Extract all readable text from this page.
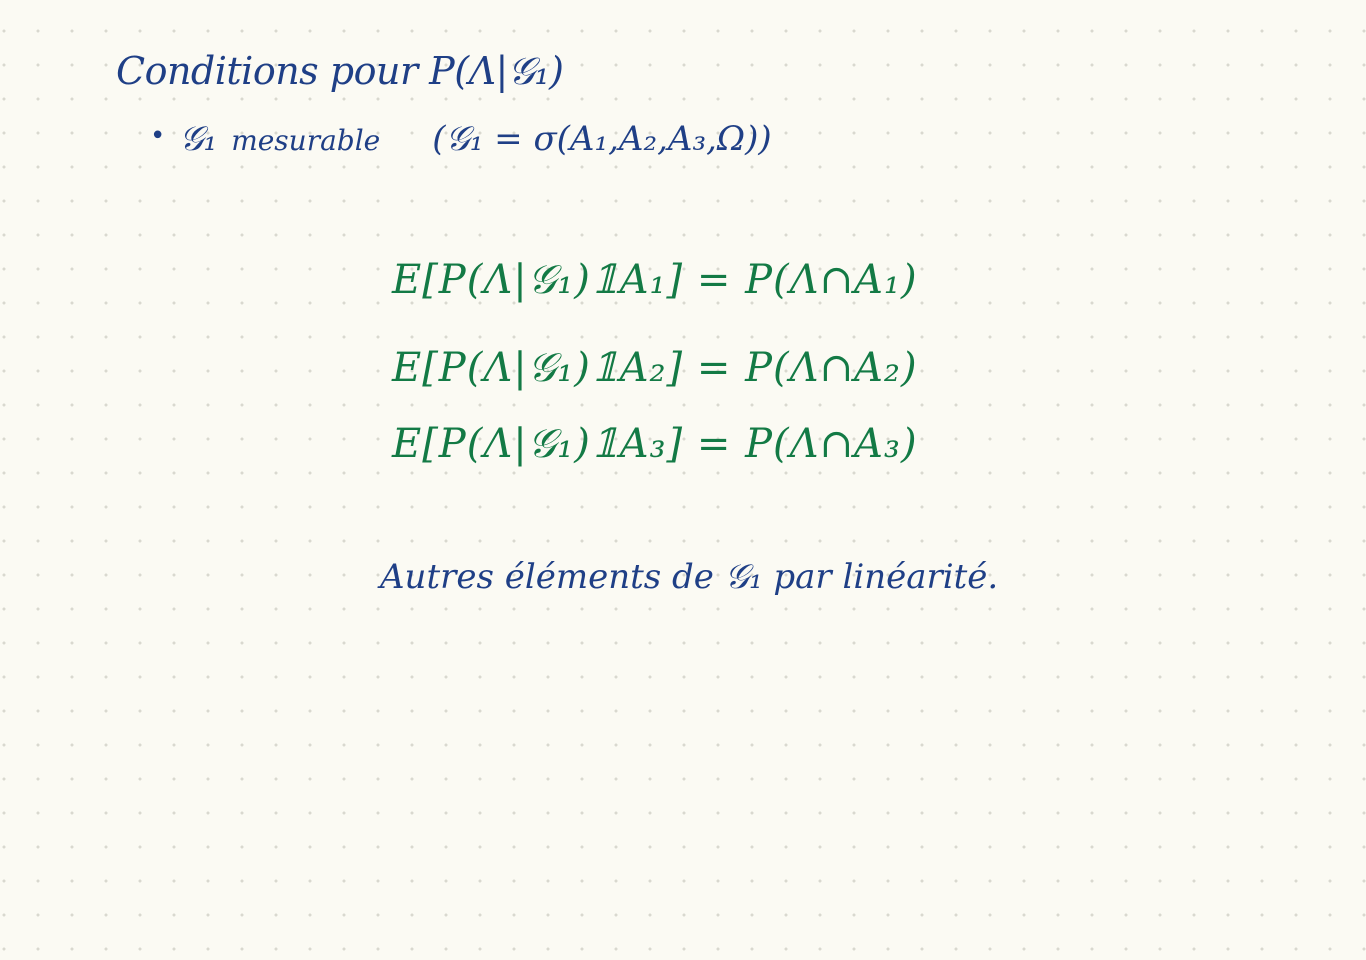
Conditions pour P(Λ|𝒢₁)
• 𝒢₁ mesurable (𝒢₁ = σ(A₁,A₂,A₃,Ω))
E[P(Λ|𝒢₁)𝟙A₁] = P(Λ∩A₁)
E[P(Λ|𝒢₁)𝟙A₂] = P(Λ∩A₂)
E[P(Λ|𝒢₁)𝟙A₃] = P(Λ∩A₃)
Autres éléments de 𝒢₁ par linéarité.
